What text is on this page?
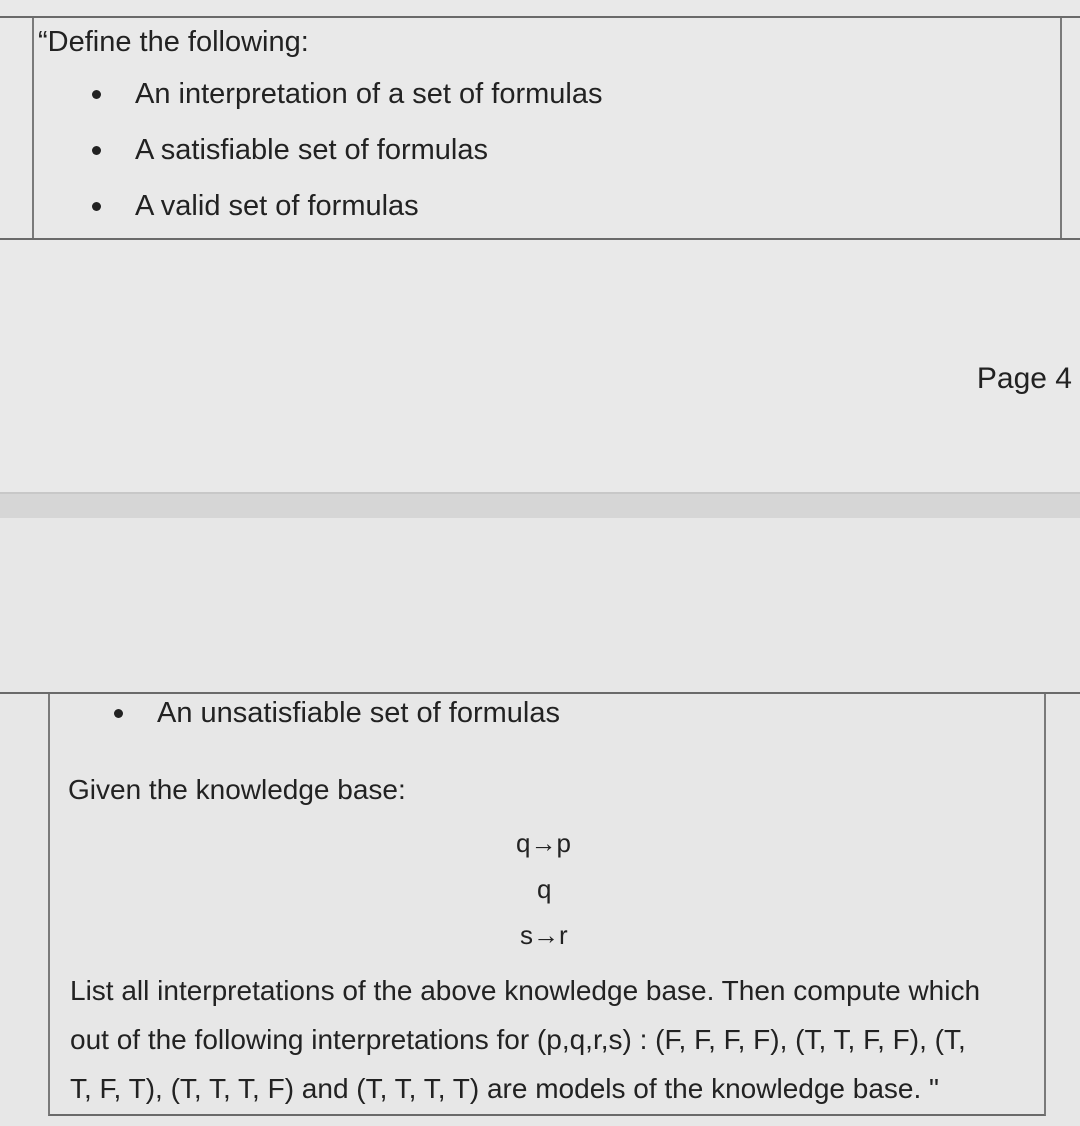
“Define the following:
An interpretation of a set of formulas
A satisfiable set of formulas
A valid set of formulas
Page 4
An unsatisfiable set of formulas
Given the knowledge base:
q→p
q
s→r
List all interpretations of the above knowledge base. Then compute which
out of the following interpretations for (p,q,r,s) : (F, F, F, F), (T, T, F, F), (T,
T, F, T), (T, T, T, F) and (T, T, T, T) are models of the knowledge base. "
